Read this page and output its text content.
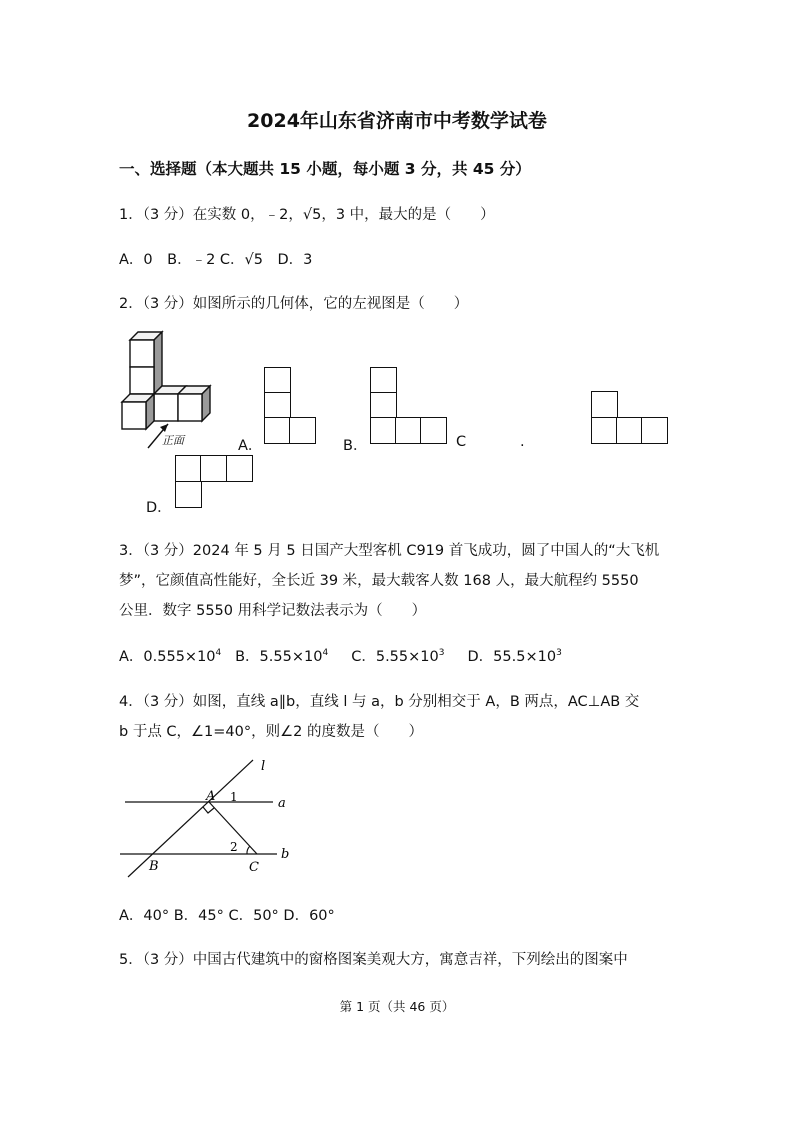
2024年山东省济南市中考数学试卷
一、选择题（本大题共 15 小题，每小题 3 分，共 45 分）
1．（3 分）在实数 0，﹣2，√5，3 中，最大的是（　　）
A．0　B．﹣2 C．√5　D．3
2．（3 分）如图所示的几何体，它的左视图是（　　）
正面	A．	B．	C	.
D．
3．（3 分）2024 年 5 月 5 日国产大型客机 C919 首飞成功，圆了中国人的“大飞机
梦”，它颜值高性能好，全长近 39 米，最大载客人数 168 人，最大航程约 5550
公里．数字 5550 用科学记数法表示为（　　）
A．$0.555\times 10^4$ B．$5.55\times 10^4$ C．$5.55\times 10^3$ D．$55.5\times 10^3$
4．（3 分）如图，直线 a∥b，直线 l 与 a，b 分别相交于 A，B 两点，AC⊥AB 交
b 于点 C，∠1=40°，则∠2 的度数是（　　）
l
a
b
A
B	C
1
2
A．40° B．45° C．50° D．60°
5．（3 分）中国古代建筑中的窗格图案美观大方，寓意吉祥，下列绘出的图案中
第 1 页（共 46 页）
